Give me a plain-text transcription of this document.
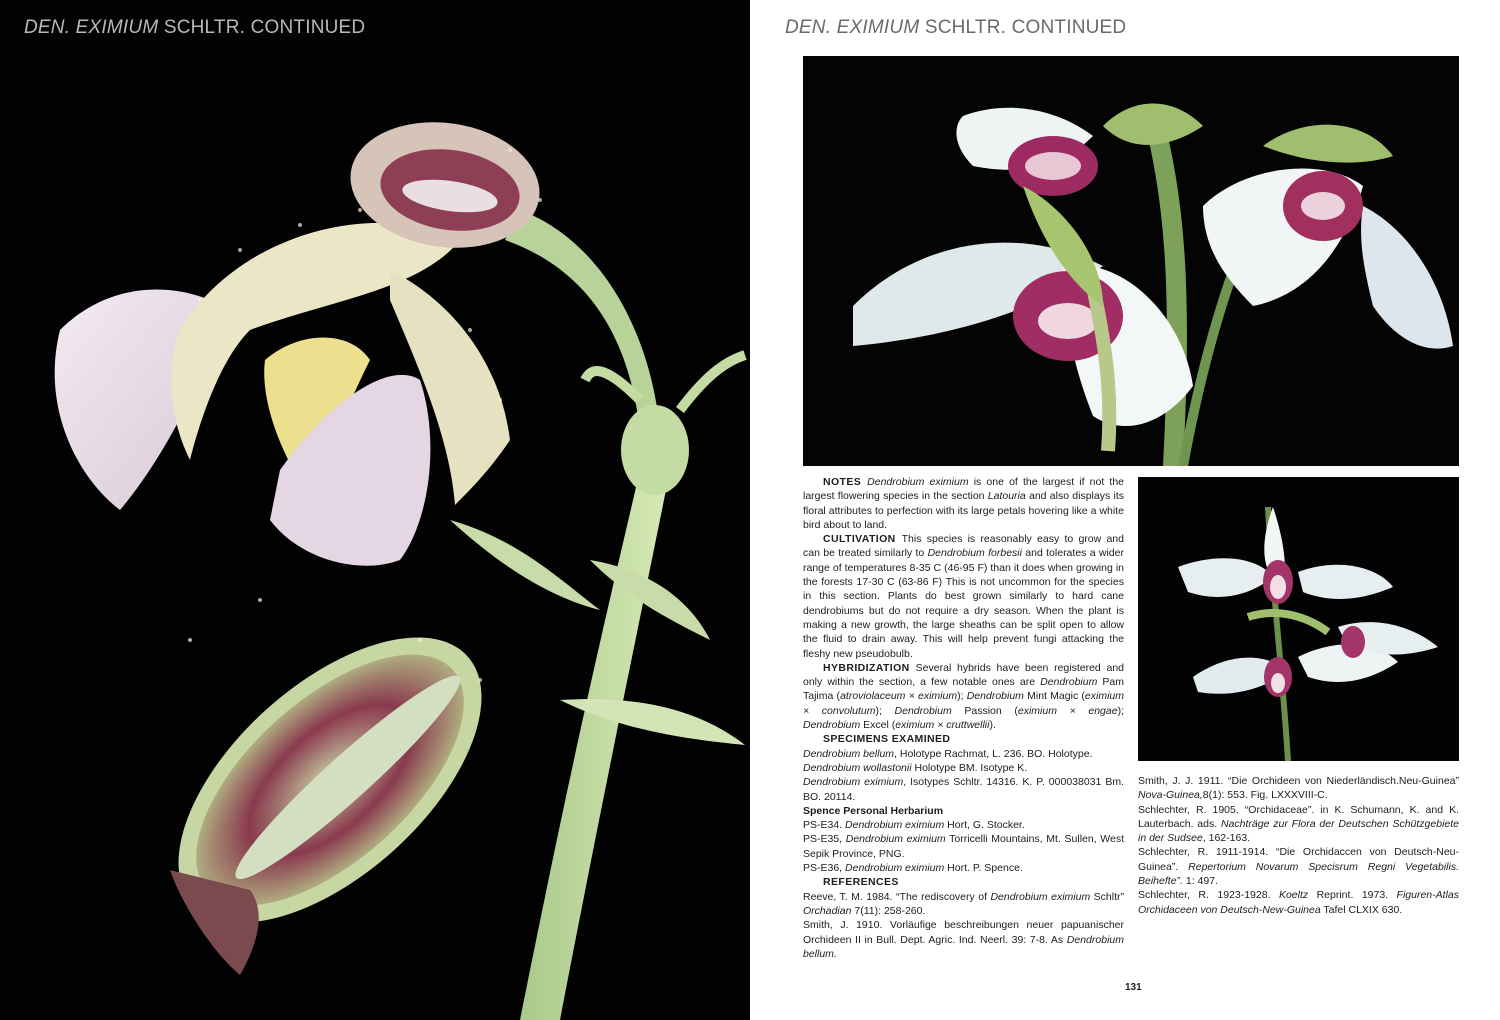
DEN. EXIMIUM SCHLTR. CONTINUED	DEN. EXIMIUM SCHLTR. CONTINUED

NOTES Dendrobium eximium is one of the largest if not the largest flowering species in the section Latouria and also displays its floral attributes to perfection with its large petals hovering like a white bird about to land.

CULTIVATION This species is reasonably easy to grow and can be treated similarly to Dendrobium forbesii and tolerates a wider range of temperatures 8-35 C (46-95 F) than it does when growing in the forests 17-30 C (63-86 F) This is not uncommon for the species in this section. Plants do best grown similarly to hard cane dendrobiums but do not require a dry season. When the plant is making a new growth, the large sheaths can be split open to allow the fluid to drain away. This will help prevent fungi attacking the fleshy new pseudobulb.

HYBRIDIZATION Several hybrids have been registered and only within the section, a few notable ones are Dendrobium Pam Tajima (atroviolaceum × eximium); Dendrobium Mint Magic (eximium × convolutum); Dendrobium Passion (eximium × engae); Dendrobium Excel (eximium × cruttwellii).

SPECIMENS EXAMINED

Dendrobium bellum, Holotype Rachmat, L. 236. BO. Holotype.

Dendrobium wollastonii Holotype BM. Isotype K.

Dendrobium eximium, Isotypes Schltr. 14316. K. P. 000038031 Bm. BO. 20114.

Spence Personal Herbarium

PS-E34. Dendrobium eximium Hort, G. Stocker.

PS-E35, Dendrobium eximium Torricelli Mountains, Mt. Sullen, West Sepik Province, PNG.

PS-E36, Dendrobium eximium Hort. P. Spence.

REFERENCES

Reeve, T. M. 1984. “The rediscovery of Dendrobium eximium Schltr” Orchadian 7(11): 258-260.

Smith, J. 1910. Vorläufige beschreibungen neuer papuanischer Orchideen II in Bull. Dept. Agric. Ind. Neerl. 39: 7-8. As Dendrobium bellum.

Smith, J. J. 1911. “Die Orchideen von Niederländisch.Neu-Guinea” Nova-Guinea,8(1): 553. Fig. LXXXVIII-C.

Schlechter, R. 1905. “Orchidaceae”. in K. Schumann, K. and K. Lauterbach. ads. Nachträge zur Flora der Deutschen Schützgebiete in der Sudsee, 162-163.

Schlechter, R. 1911-1914. “Die Orchidaccen von Deutsch-Neu-Guinea”. Repertorium Novarum Specisrum Regni Vegetabilis. Beihefte”. 1: 497.

Schlechter, R. 1923-1928. Koeltz Reprint. 1973. Figuren-Atlas Orchidaceen von Deutsch-New-Guinea Tafel CLXIX 630.

131
